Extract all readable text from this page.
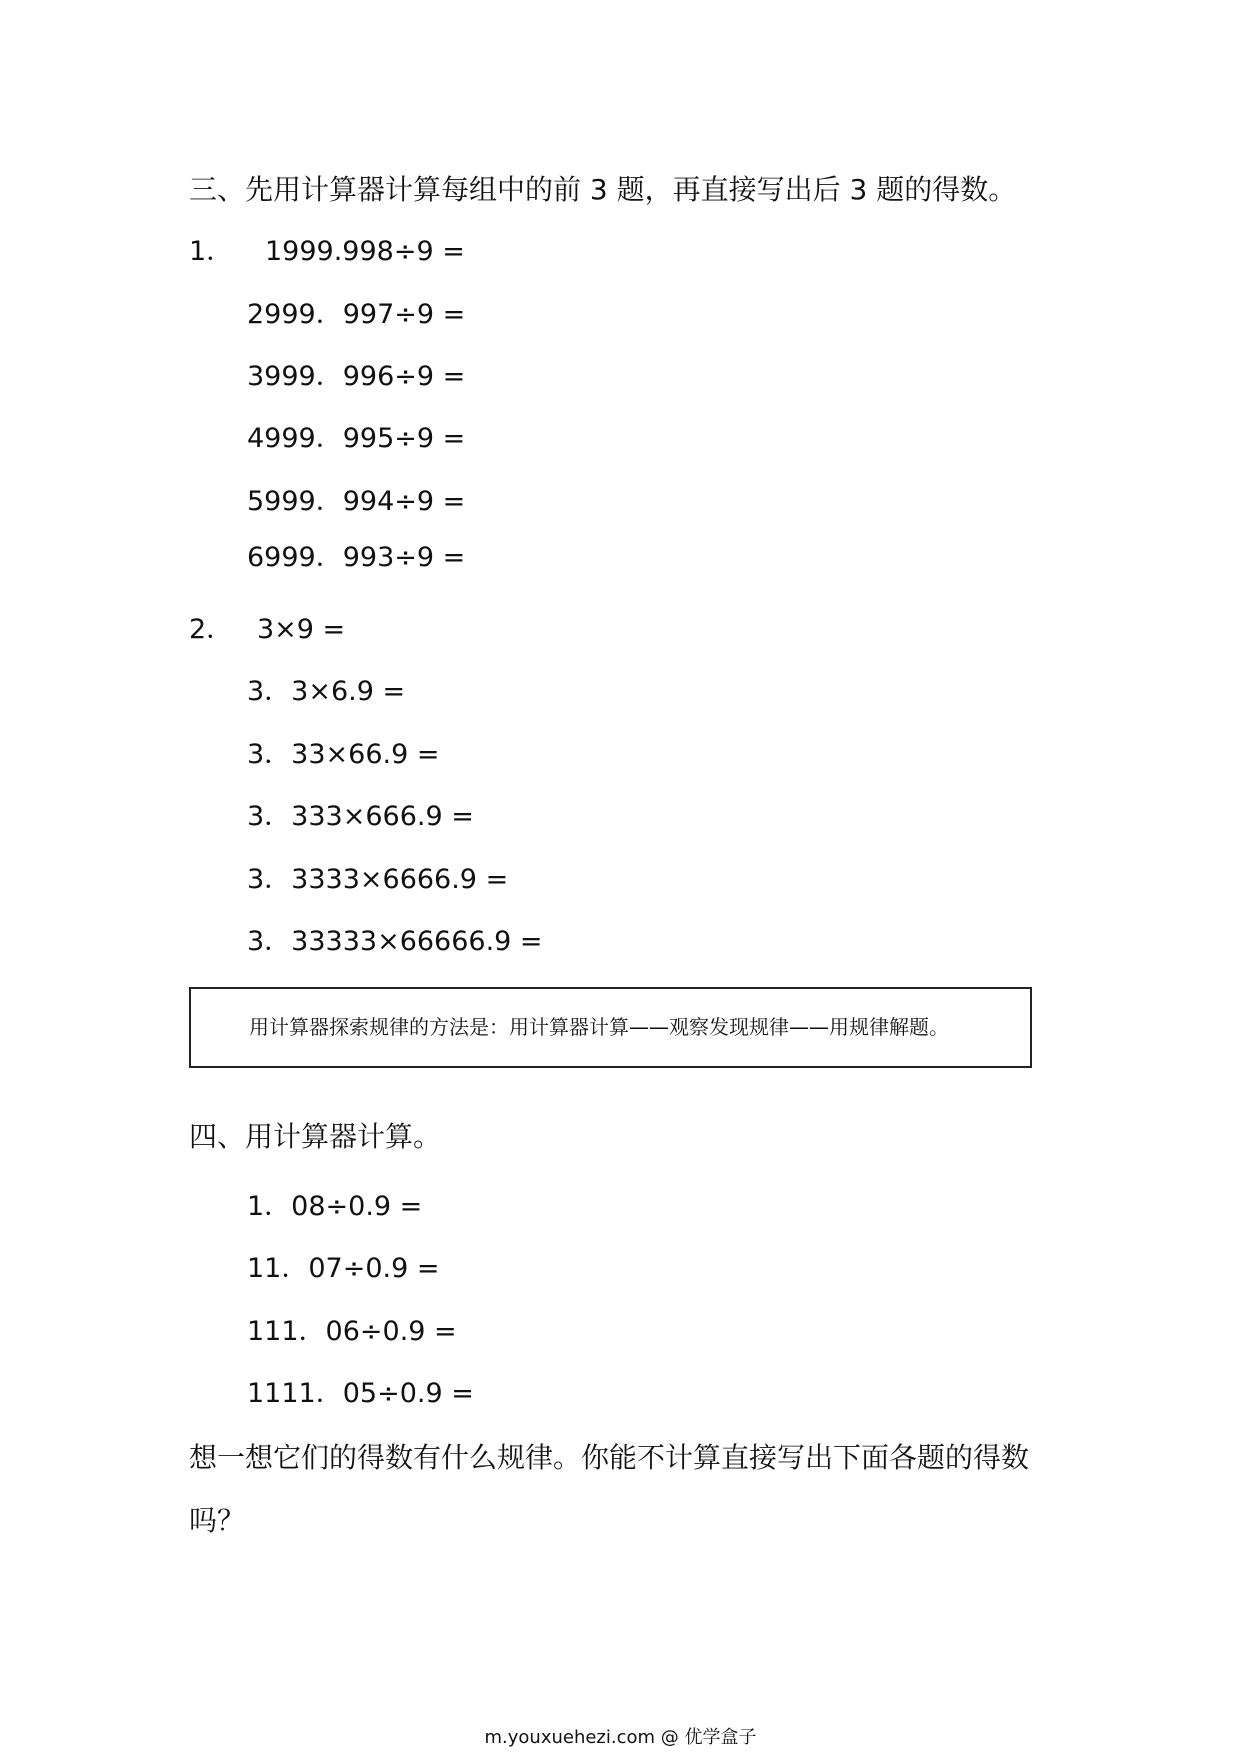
三、先用计算器计算每组中的前 3 题，再直接写出后 3 题的得数。
1． 1999.998÷9 =
2999．997÷9 =
3999．996÷9 =
4999．995÷9 =
5999．994÷9 =
6999．993÷9 =
2． 3×9 =
3．3×6.9 =
3．33×66.9 =
3．333×666.9 =
3．3333×6666.9 =
3．33333×66666.9 =
用计算器探索规律的方法是：用计算器计算——观察发现规律——用规律解题。
四、用计算器计算。
1．08÷0.9 =
11．07÷0.9 =
111．06÷0.9 =
1111．05÷0.9 =
想一想它们的得数有什么规律。你能不计算直接写出下面各题的得数
吗？
m.youxuehezi.com @ 优学盒子
